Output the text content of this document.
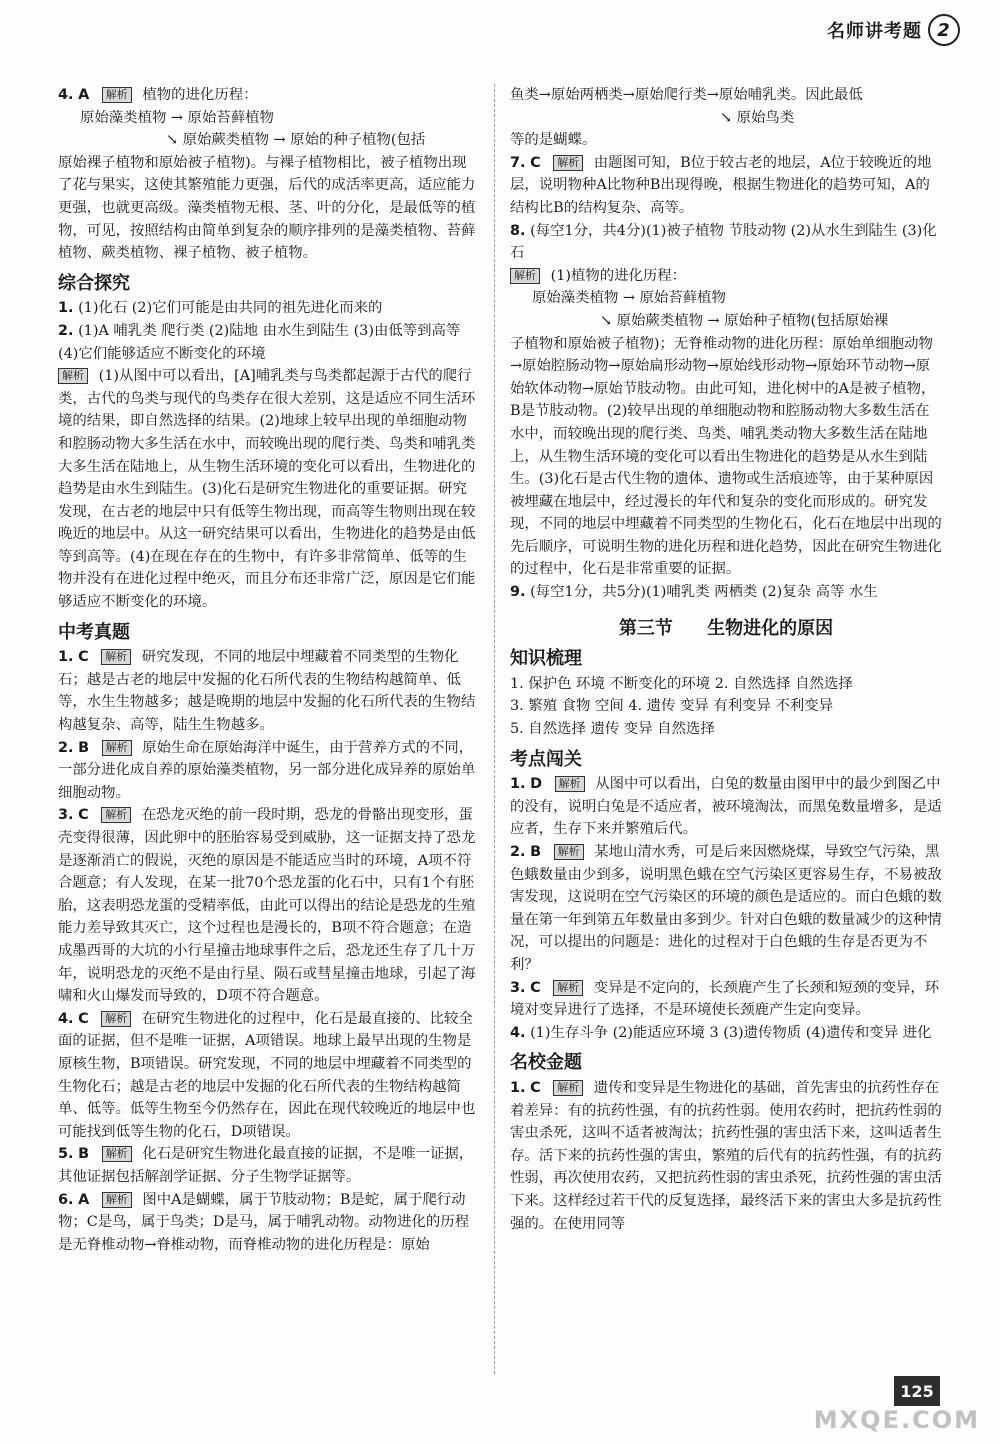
名师讲考题 2
4. A 解析 植物的进化历程：
原始藻类植物 → 原始苔藓植物
↘ 原始蕨类植物 → 原始的种子植物(包括
原始裸子植物和原始被子植物)。与裸子植物相比，被子植物出现了花与果实，这使其繁殖能力更强，后代的成活率更高，适应能力更强，也就更高级。藻类植物无根、茎、叶的分化，是最低等的植物，可见，按照结构由简单到复杂的顺序排列的是藻类植物、苔藓植物、蕨类植物、裸子植物、被子植物。
综合探究
1. (1)化石 (2)它们可能是由共同的祖先进化而来的
2. (1)A 哺乳类 爬行类 (2)陆地 由水生到陆生 (3)由低等到高等 (4)它们能够适应不断变化的环境
解析 (1)从图中可以看出，[A]哺乳类与鸟类都起源于古代的爬行类，古代的鸟类与现代的鸟类存在很大差别，这是适应不同生活环境的结果，即自然选择的结果。(2)地球上较早出现的单细胞动物和腔肠动物大多生活在水中，而较晚出现的爬行类、鸟类和哺乳类大多生活在陆地上，从生物生活环境的变化可以看出，生物进化的趋势是由水生到陆生。(3)化石是研究生物进化的重要证据。研究发现，在古老的地层中只有低等生物出现，而高等生物则出现在较晚近的地层中。从这一研究结果可以看出，生物进化的趋势是由低等到高等。(4)在现在存在的生物中，有许多非常简单、低等的生物并没有在进化过程中绝灭，而且分布还非常广泛，原因是它们能够适应不断变化的环境。
中考真题
1. C 解析 研究发现，不同的地层中埋藏着不同类型的生物化石；越是古老的地层中发掘的化石所代表的生物结构越简单、低等，水生生物越多；越是晚期的地层中发掘的化石所代表的生物结构越复杂、高等，陆生生物越多。
2. B 解析 原始生命在原始海洋中诞生，由于营养方式的不同，一部分进化成自养的原始藻类植物，另一部分进化成异养的原始单细胞动物。
3. C 解析 在恐龙灭绝的前一段时期，恐龙的骨骼出现变形，蛋壳变得很薄，因此卵中的胚胎容易受到威胁，这一证据支持了恐龙是逐渐消亡的假说，灭绝的原因是不能适应当时的环境，A项不符合题意；有人发现，在某一批70个恐龙蛋的化石中，只有1个有胚胎，这表明恐龙蛋的受精率低，由此可以得出的结论是恐龙的生殖能力差导致其灭亡，这个过程也是漫长的，B项不符合题意；在造成墨西哥的大坑的小行星撞击地球事件之后，恐龙还生存了几十万年，说明恐龙的灭绝不是由行星、陨石或彗星撞击地球，引起了海啸和火山爆发而导致的，D项不符合题意。
4. C 解析 在研究生物进化的过程中，化石是最直接的、比较全面的证据，但不是唯一证据，A项错误。地球上最早出现的生物是原核生物，B项错误。研究发现，不同的地层中埋藏着不同类型的生物化石；越是古老的地层中发掘的化石所代表的生物结构越简单、低等。低等生物至今仍然存在，因此在现代较晚近的地层中也可能找到低等生物的化石，D项错误。
5. B 解析 化石是研究生物进化最直接的证据，不是唯一证据，其他证据包括解剖学证据、分子生物学证据等。
6. A 解析 图中A是蝴蝶，属于节肢动物；B是蛇，属于爬行动物；C是鸟，属于鸟类；D是马，属于哺乳动物。动物进化的历程是无脊椎动物→脊椎动物，而脊椎动物的进化历程是：原始
鱼类→原始两栖类→原始爬行类→原始哺乳类。因此最低
↘ 原始鸟类
等的是蝴蝶。
7. C 解析 由题图可知，B位于较古老的地层，A位于较晚近的地层，说明物种A比物种B出现得晚，根据生物进化的趋势可知，A的结构比B的结构复杂、高等。
8. (每空1分，共4分)(1)被子植物 节肢动物 (2)从水生到陆生 (3)化石
解析 (1)植物的进化历程：
原始藻类植物 → 原始苔藓植物
↘ 原始蕨类植物 → 原始种子植物(包括原始裸
子植物和原始被子植物)；无脊椎动物的进化历程：原始单细胞动物→原始腔肠动物→原始扁形动物→原始线形动物→原始环节动物→原始软体动物→原始节肢动物。由此可知，进化树中的A是被子植物，B是节肢动物。(2)较早出现的单细胞动物和腔肠动物大多数生活在水中，而较晚出现的爬行类、鸟类、哺乳类动物大多数生活在陆地上，从生物生活环境的变化可以看出生物进化的趋势是从水生到陆生。(3)化石是古代生物的遗体、遗物或生活痕迹等，由于某种原因被埋藏在地层中，经过漫长的年代和复杂的变化而形成的。研究发现，不同的地层中埋藏着不同类型的生物化石，化石在地层中出现的先后顺序，可说明生物的进化历程和进化趋势，因此在研究生物进化的过程中，化石是非常重要的证据。
9. (每空1分，共5分)(1)哺乳类 两栖类 (2)复杂 高等 水生
第三节 生物进化的原因
知识梳理
1. 保护色 环境 不断变化的环境 2. 自然选择 自然选择
3. 繁殖 食物 空间 4. 遗传 变异 有利变异 不利变异
5. 自然选择 遗传 变异 自然选择
考点闯关
1. D 解析 从图中可以看出，白兔的数量由图甲中的最少到图乙中的没有，说明白兔是不适应者，被环境淘汰，而黑兔数量增多，是适应者，生存下来并繁殖后代。
2. B 解析 某地山清水秀，可是后来因燃烧煤，导致空气污染，黑色蛾数量由少到多，说明黑色蛾在空气污染区更容易生存，不易被敌害发现，这说明在空气污染区的环境的颜色是适应的。而白色蛾的数量在第一年到第五年数量由多到少。针对白色蛾的数量减少的这种情况，可以提出的问题是：进化的过程对于白色蛾的生存是否更为不利？
3. C 解析 变异是不定向的，长颈鹿产生了长颈和短颈的变异，环境对变异进行了选择，不是环境使长颈鹿产生定向变异。
4. (1)生存斗争 (2)能适应环境 3 (3)遗传物质 (4)遗传和变异 进化
名校金题
1. C 解析 遗传和变异是生物进化的基础，首先害虫的抗药性存在着差异：有的抗药性强，有的抗药性弱。使用农药时，把抗药性弱的害虫杀死，这叫不适者被淘汰；抗药性强的害虫活下来，这叫适者生存。活下来的抗药性强的害虫，繁殖的后代有的抗药性强，有的抗药性弱，再次使用农药，又把抗药性弱的害虫杀死，抗药性强的害虫活下来。这样经过若干代的反复选择，最终活下来的害虫大多是抗药性强的。在使用同等
125
MXQE.COM
